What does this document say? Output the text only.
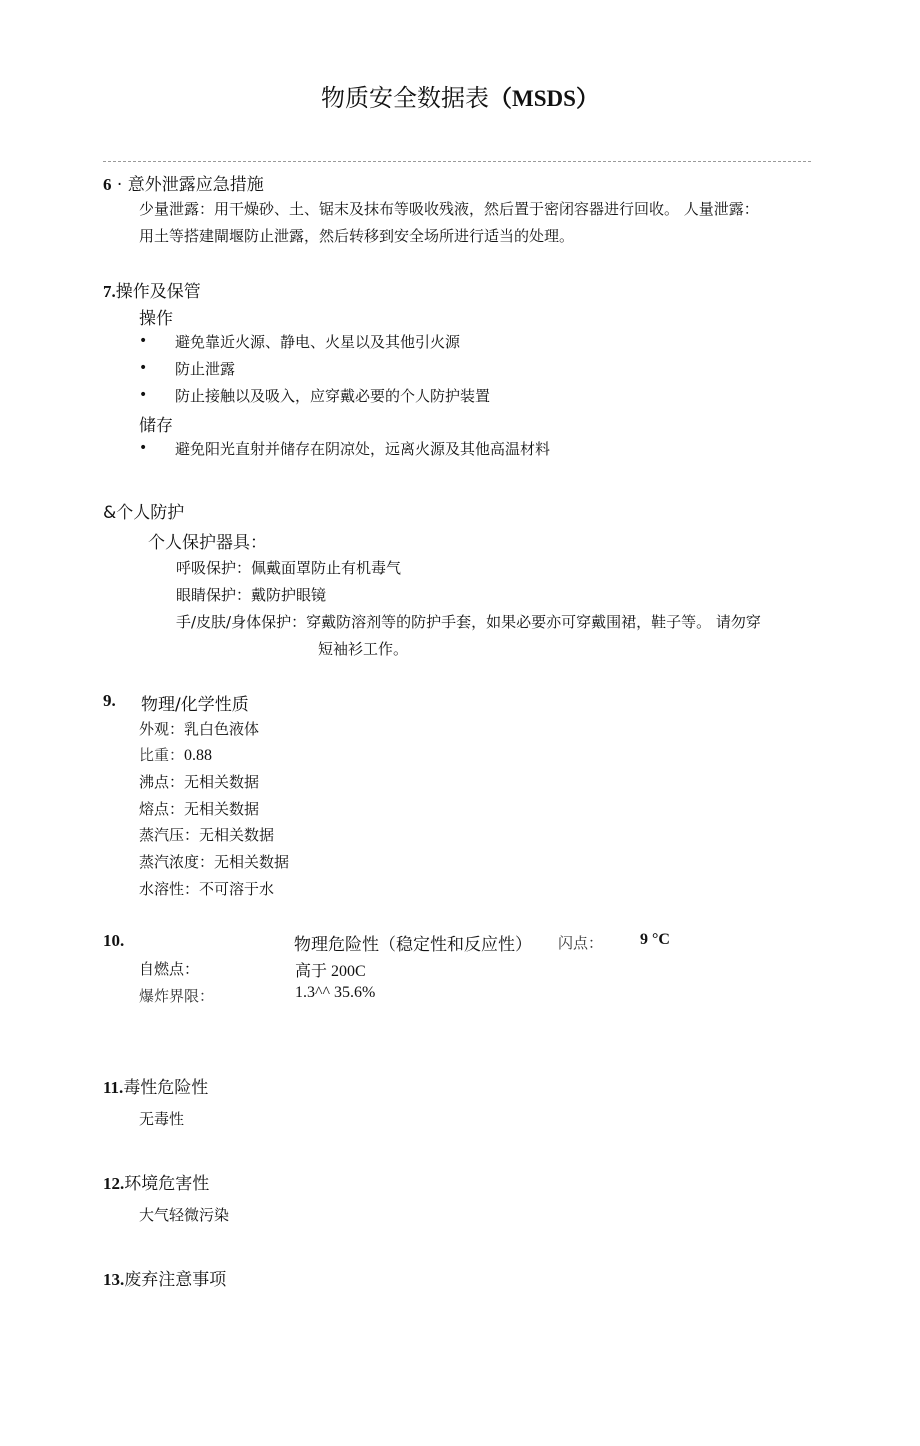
物质安全数据表（MSDS）
6 · 意外泄露应急措施
少量泄露：用干燥砂、土、锯末及抹布等吸收残液，然后置于密闭容器进行回收。 人量泄露：
用土等搭建閘堰防止泄露，然后转移到安全场所进行适当的处理。
7.操作及保管
操作
• 避免靠近火源、静电、火星以及其他引火源
• 防止泄露
• 防止接触以及吸入，应穿戴必要的个人防护装置
储存
• 避免阳光直射并储存在阴凉处，远离火源及其他高温材料
&个人防护
个人保护器具：
呼吸保护：佩戴面罩防止有机毒气
眼睛保护：戴防护眼镜
手/皮肤/身体保护：穿戴防溶剂等的防护手套，如果必要亦可穿戴围裙，鞋子等。 请勿穿
短袖衫工作。
9. 物理/化学性质
外观：乳白色液体
比重：0.88
沸点：无相关数据
熔点：无相关数据
蒸汽压：无相关数据
蒸汽浓度：无相关数据
水溶性：不可溶于水
10.	物理危险性（稳定性和反应性） 闪点： 9 °C
自燃点：	高于 200C
爆炸界限：	1.3^^ 35.6%
11.毒性危险性
无毒性
12.环境危害性
大气轻微污染
13.废弃注意事项
